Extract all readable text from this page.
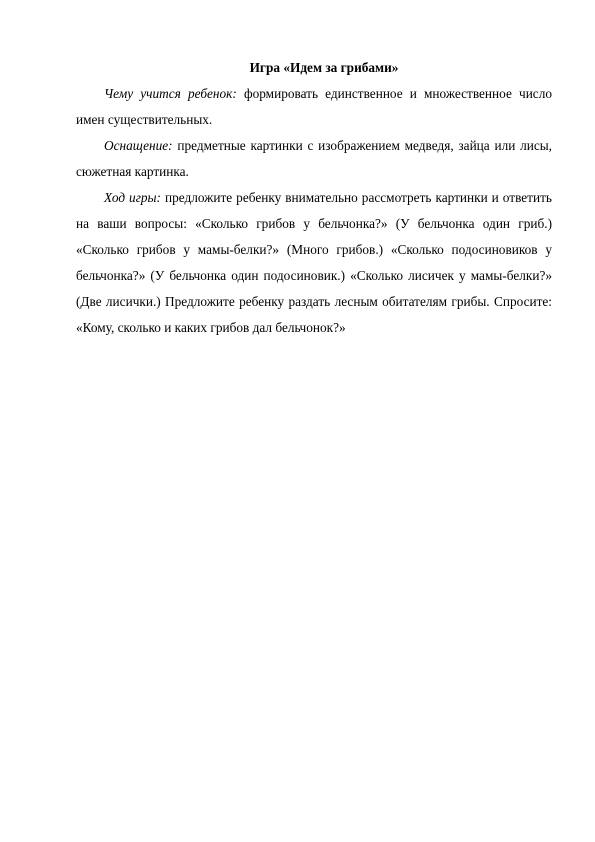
Игра «Идем за грибами»

Чему учится ребенок: формировать единственное и множественное число имен существительных.

Оснащение: предметные картинки с изображением медведя, зайца или лисы, сюжетная картинка.

Ход игры: предложите ребенку внимательно рассмотреть картинки и ответить на ваши вопросы: «Сколько грибов у бельчонка?» (У бельчонка один гриб.) «Сколько грибов у мамы-белки?» (Много грибов.) «Сколько подосиновиков у бельчонка?» (У бельчонка один подосиновик.) «Сколько лисичек у мамы-белки?» (Две лисички.) Предложите ребенку раздать лесным обитателям грибы. Спросите: «Кому, сколько и каких грибов дал бельчонок?»
